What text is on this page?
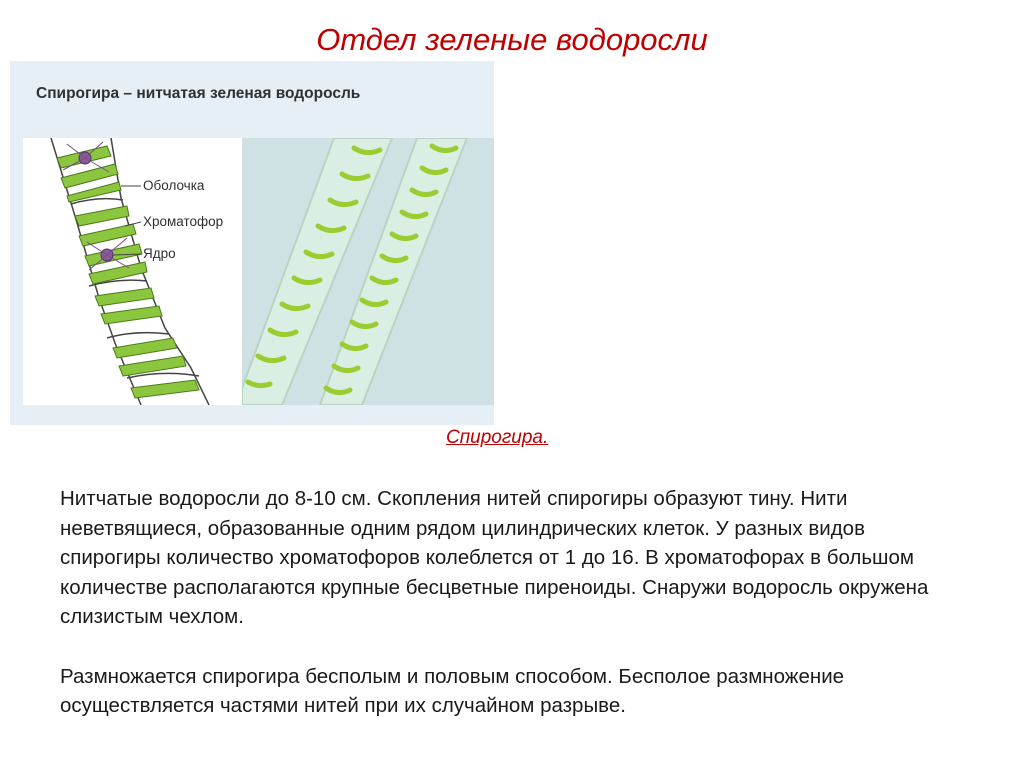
Отдел зеленые водоросли
Спирогира – нитчатая зеленая водоросль
Оболочка
Хроматофор
Ядро
Спирогира.

Нитчатые водоросли до 8-10 см. Скопления нитей спирогиры образуют тину. Нити неветвящиеся, образованные одним рядом цилиндрических клеток. У разных видов спирогиры количество хроматофоров колеблется от 1 до 16. В хроматофорах в большом количестве располагаются крупные бесцветные пиреноиды. Снаружи водоросль окружена слизистым чехлом.

Размножается спирогира бесполым и половым способом. Бесполое размножение осуществляется частями нитей при их случайном разрыве.
